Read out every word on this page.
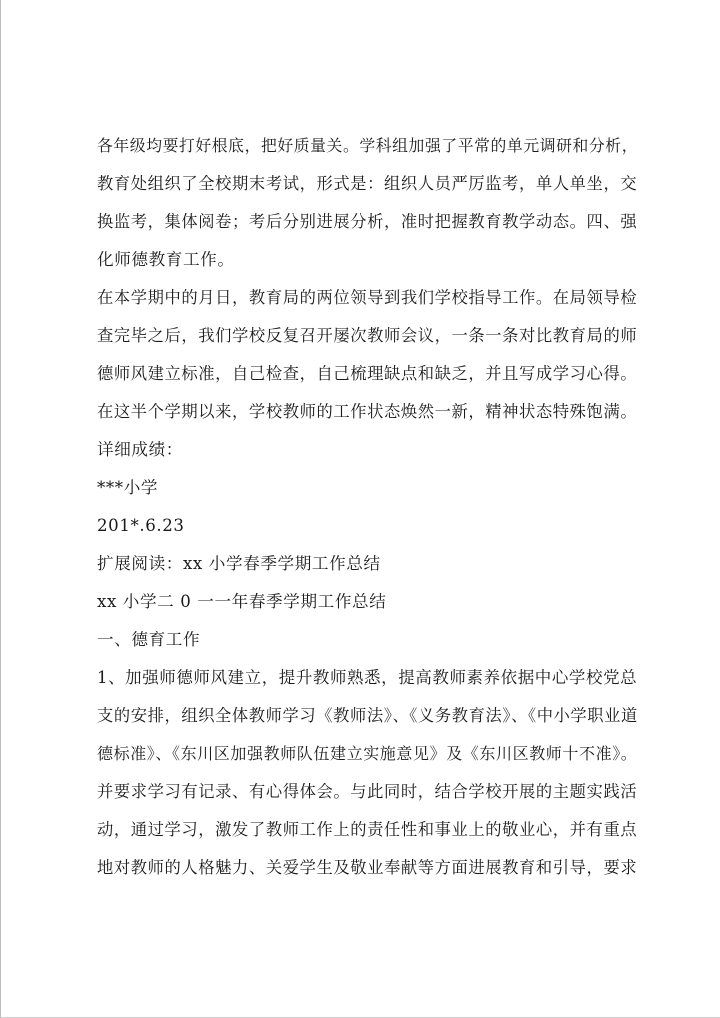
各年级均要打好根底，把好质量关。学科组加强了平常的单元调研和分析，
教育处组织了全校期末考试，形式是：组织人员严厉监考，单人单坐，交
换监考，集体阅卷；考后分别进展分析，准时把握教育教学动态。四、强
化师德教育工作。
在本学期中的月日，教育局的两位领导到我们学校指导工作。在局领导检
查完毕之后，我们学校反复召开屡次教师会议，一条一条对比教育局的师
德师风建立标准，自己检查，自己梳理缺点和缺乏，并且写成学习心得。
在这半个学期以来，学校教师的工作状态焕然一新，精神状态特殊饱满。
详细成绩：
***小学
201*.6.23
扩展阅读：xx 小学春季学期工作总结
xx 小学二 0 一一年春季学期工作总结
一、德育工作
1、加强师德师风建立，提升教师熟悉，提高教师素养依据中心学校党总
支的安排，组织全体教师学习《教师法》、《义务教育法》、《中小学职业道
德标准》、《东川区加强教师队伍建立实施意见》及《东川区教师十不准》。
并要求学习有记录、有心得体会。与此同时，结合学校开展的主题实践活
动，通过学习，激发了教师工作上的责任性和事业上的敬业心，并有重点
地对教师的人格魅力、关爱学生及敬业奉献等方面进展教育和引导，要求
